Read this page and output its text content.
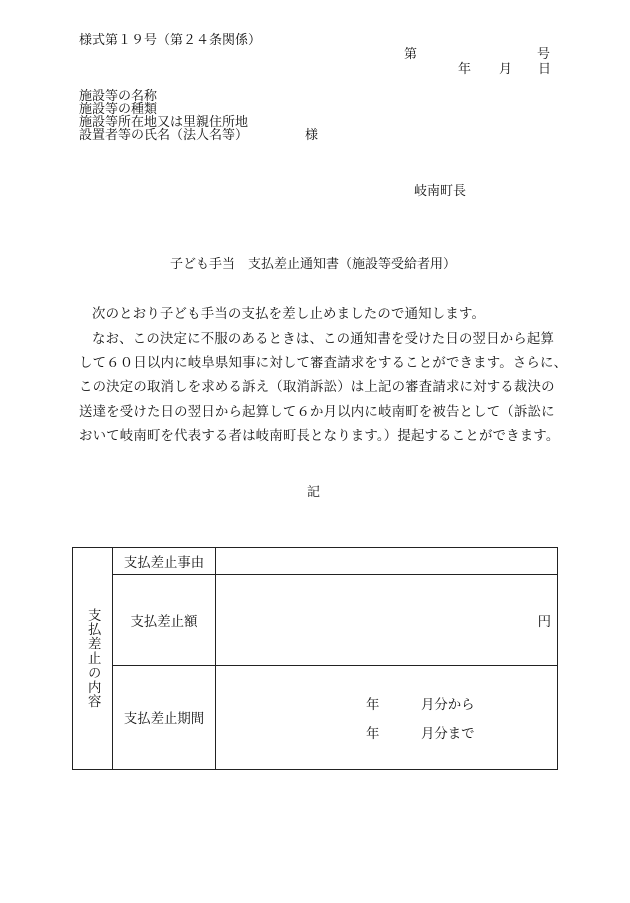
様式第１９号（第２４条関係）
第	号
年 月 日
施設等の名称
施設等の種類
施設等所在地又は里親住所地
設置者等の氏名（法人名等）	様
岐南町長
子ども手当　支払差止通知書（施設等受給者用）
次のとおり子ども手当の支払を差し止めましたので通知します。
なお、この決定に不服のあるときは、この通知書を受けた日の翌日から起算
して６０日以内に岐阜県知事に対して審査請求をすることができます。さらに、
この決定の取消しを求める訴え（取消訴訟）は上記の審査請求に対する裁決の
送達を受けた日の翌日から起算して６か月以内に岐南町を被告として（訴訟に
おいて岐南町を代表する者は岐南町長となります。）提起することができます。
記
支払差止の内容	支払差止事由	
	支払差止額	円
	支払差止期間	年 月分から
年 月分まで
